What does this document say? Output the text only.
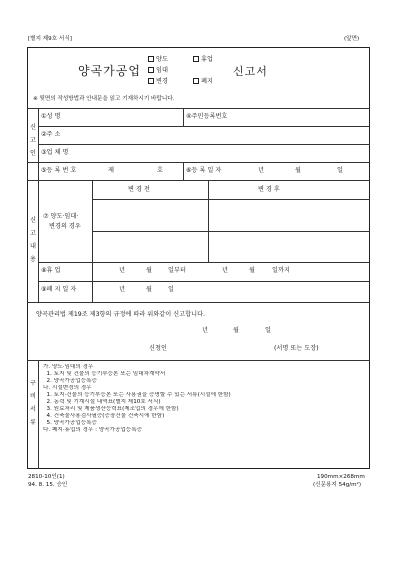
[별지 제9호 서식]	(앞면)
양곡가공업
양도	휴업
임대
변경	폐지
신고서
※ 뒷면의 작성방법과 안내문을 읽고 기재하시기 바랍니다.
신
고
인
①성 명	④주민등록번호
②주 소
③업 체 명
⑤등 록 번 호	제	호	⑥등 록 일 자	년	월	일
신
고
내
용
변 경 전	변 경 후
⑦ 양도·임대·
변경의 경우
⑧휴 업	년	월	일부터	년	월	일까지
⑨폐 지 일 자	년	월	일
양곡관리법 제19조 제3항의 규정에 따라 위와같이 신고합니다.
년	월	일
신청인	(서명 또는 도장)
구
비
서
류
가. 양도·임대의 경우
1. 토지 및 건물의 등기부등본 또는 임대차계약서
2. 양곡가공업등록증
나. 시설변경의 경우
1. 토지·건물의 등기부등본 또는 사용권을 증명할 수 있는 서류(시설에 한함)
2. 동력 및 기계시설 내역표(별지 제10호 서식)
3. 원료처리 및 제품생산능력표(제조업의 경우에 한함)
4. 건축물사용검사필증(증장건물 건축시에 한함)
5. 양곡가공업등록증
다. 폐지·휴업의 경우 : 양곡가공업등록증
2810-10인(1)
94. 8. 15. 승인
190mm×268mm
(신문용지 54g/m²)
